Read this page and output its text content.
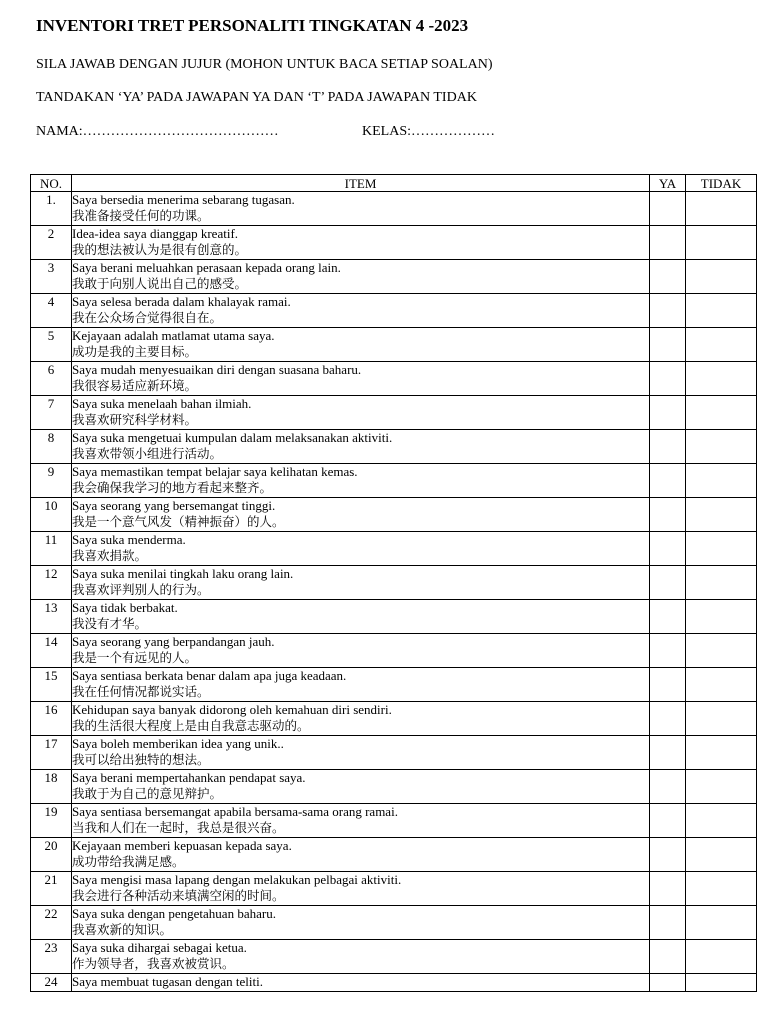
INVENTORI TRET PERSONALITI TINGKATAN 4 -2023
SILA JAWAB DENGAN JUJUR (MOHON UNTUK BACA SETIAP SOALAN)
TANDAKAN ‘YA’ PADA JAWAPAN YA DAN ‘T’ PADA JAWAPAN TIDAK
NAMA:……………………………………	KELAS:………………
NO.	ITEM	YA	TIDAK
1.	Saya bersedia menerima sebarang tugasan.
我准备接受任何的功课。		

2	Idea-idea saya dianggap kreatif.
我的想法被认为是很有创意的。		

3	Saya berani meluahkan perasaan kepada orang lain.
我敢于向别人说出自己的感受。		

4	Saya selesa berada dalam khalayak ramai.
我在公众场合觉得很自在。		

5	Kejayaan adalah matlamat utama saya.
成功是我的主要目标。		

6	Saya mudah menyesuaikan diri dengan suasana baharu.
我很容易适应新环境。		

7	Saya suka menelaah bahan ilmiah.
我喜欢研究科学材料。		

8	Saya suka mengetuai kumpulan dalam melaksanakan aktiviti.
我喜欢带领小组进行活动。		

9	Saya memastikan tempat belajar saya kelihatan kemas.
我会确保我学习的地方看起来整齐。		

10	Saya seorang yang bersemangat tinggi.
我是一个意气风发（精神振奋）的人。		

11	Saya suka menderma.
我喜欢捐款。		

12	Saya suka menilai tingkah laku orang lain.
我喜欢评判别人的行为。		

13	Saya tidak berbakat.
我没有才华。		

14	Saya seorang yang berpandangan jauh.
我是一个有远见的人。		

15	Saya sentiasa berkata benar dalam apa juga keadaan.
我在任何情况都说实话。		

16	Kehidupan saya banyak didorong oleh kemahuan diri sendiri.
我的生活很大程度上是由自我意志驱动的。		

17	Saya boleh memberikan idea yang unik..
我可以给出独特的想法。		

18	Saya berani mempertahankan pendapat saya.
我敢于为自己的意见辩护。		

19	Saya sentiasa bersemangat apabila bersama-sama orang ramai.
当我和人们在一起时，我总是很兴奋。		

20	Kejayaan memberi kepuasan kepada saya.
成功带给我满足感。		

21	Saya mengisi masa lapang dengan melakukan pelbagai aktiviti.
我会进行各种活动来填满空闲的时间。		

22	Saya suka dengan pengetahuan baharu.
我喜欢新的知识。		

23	Saya suka dihargai sebagai ketua.
作为领导者，我喜欢被赏识。		

24	Saya membuat tugasan dengan teliti.		
